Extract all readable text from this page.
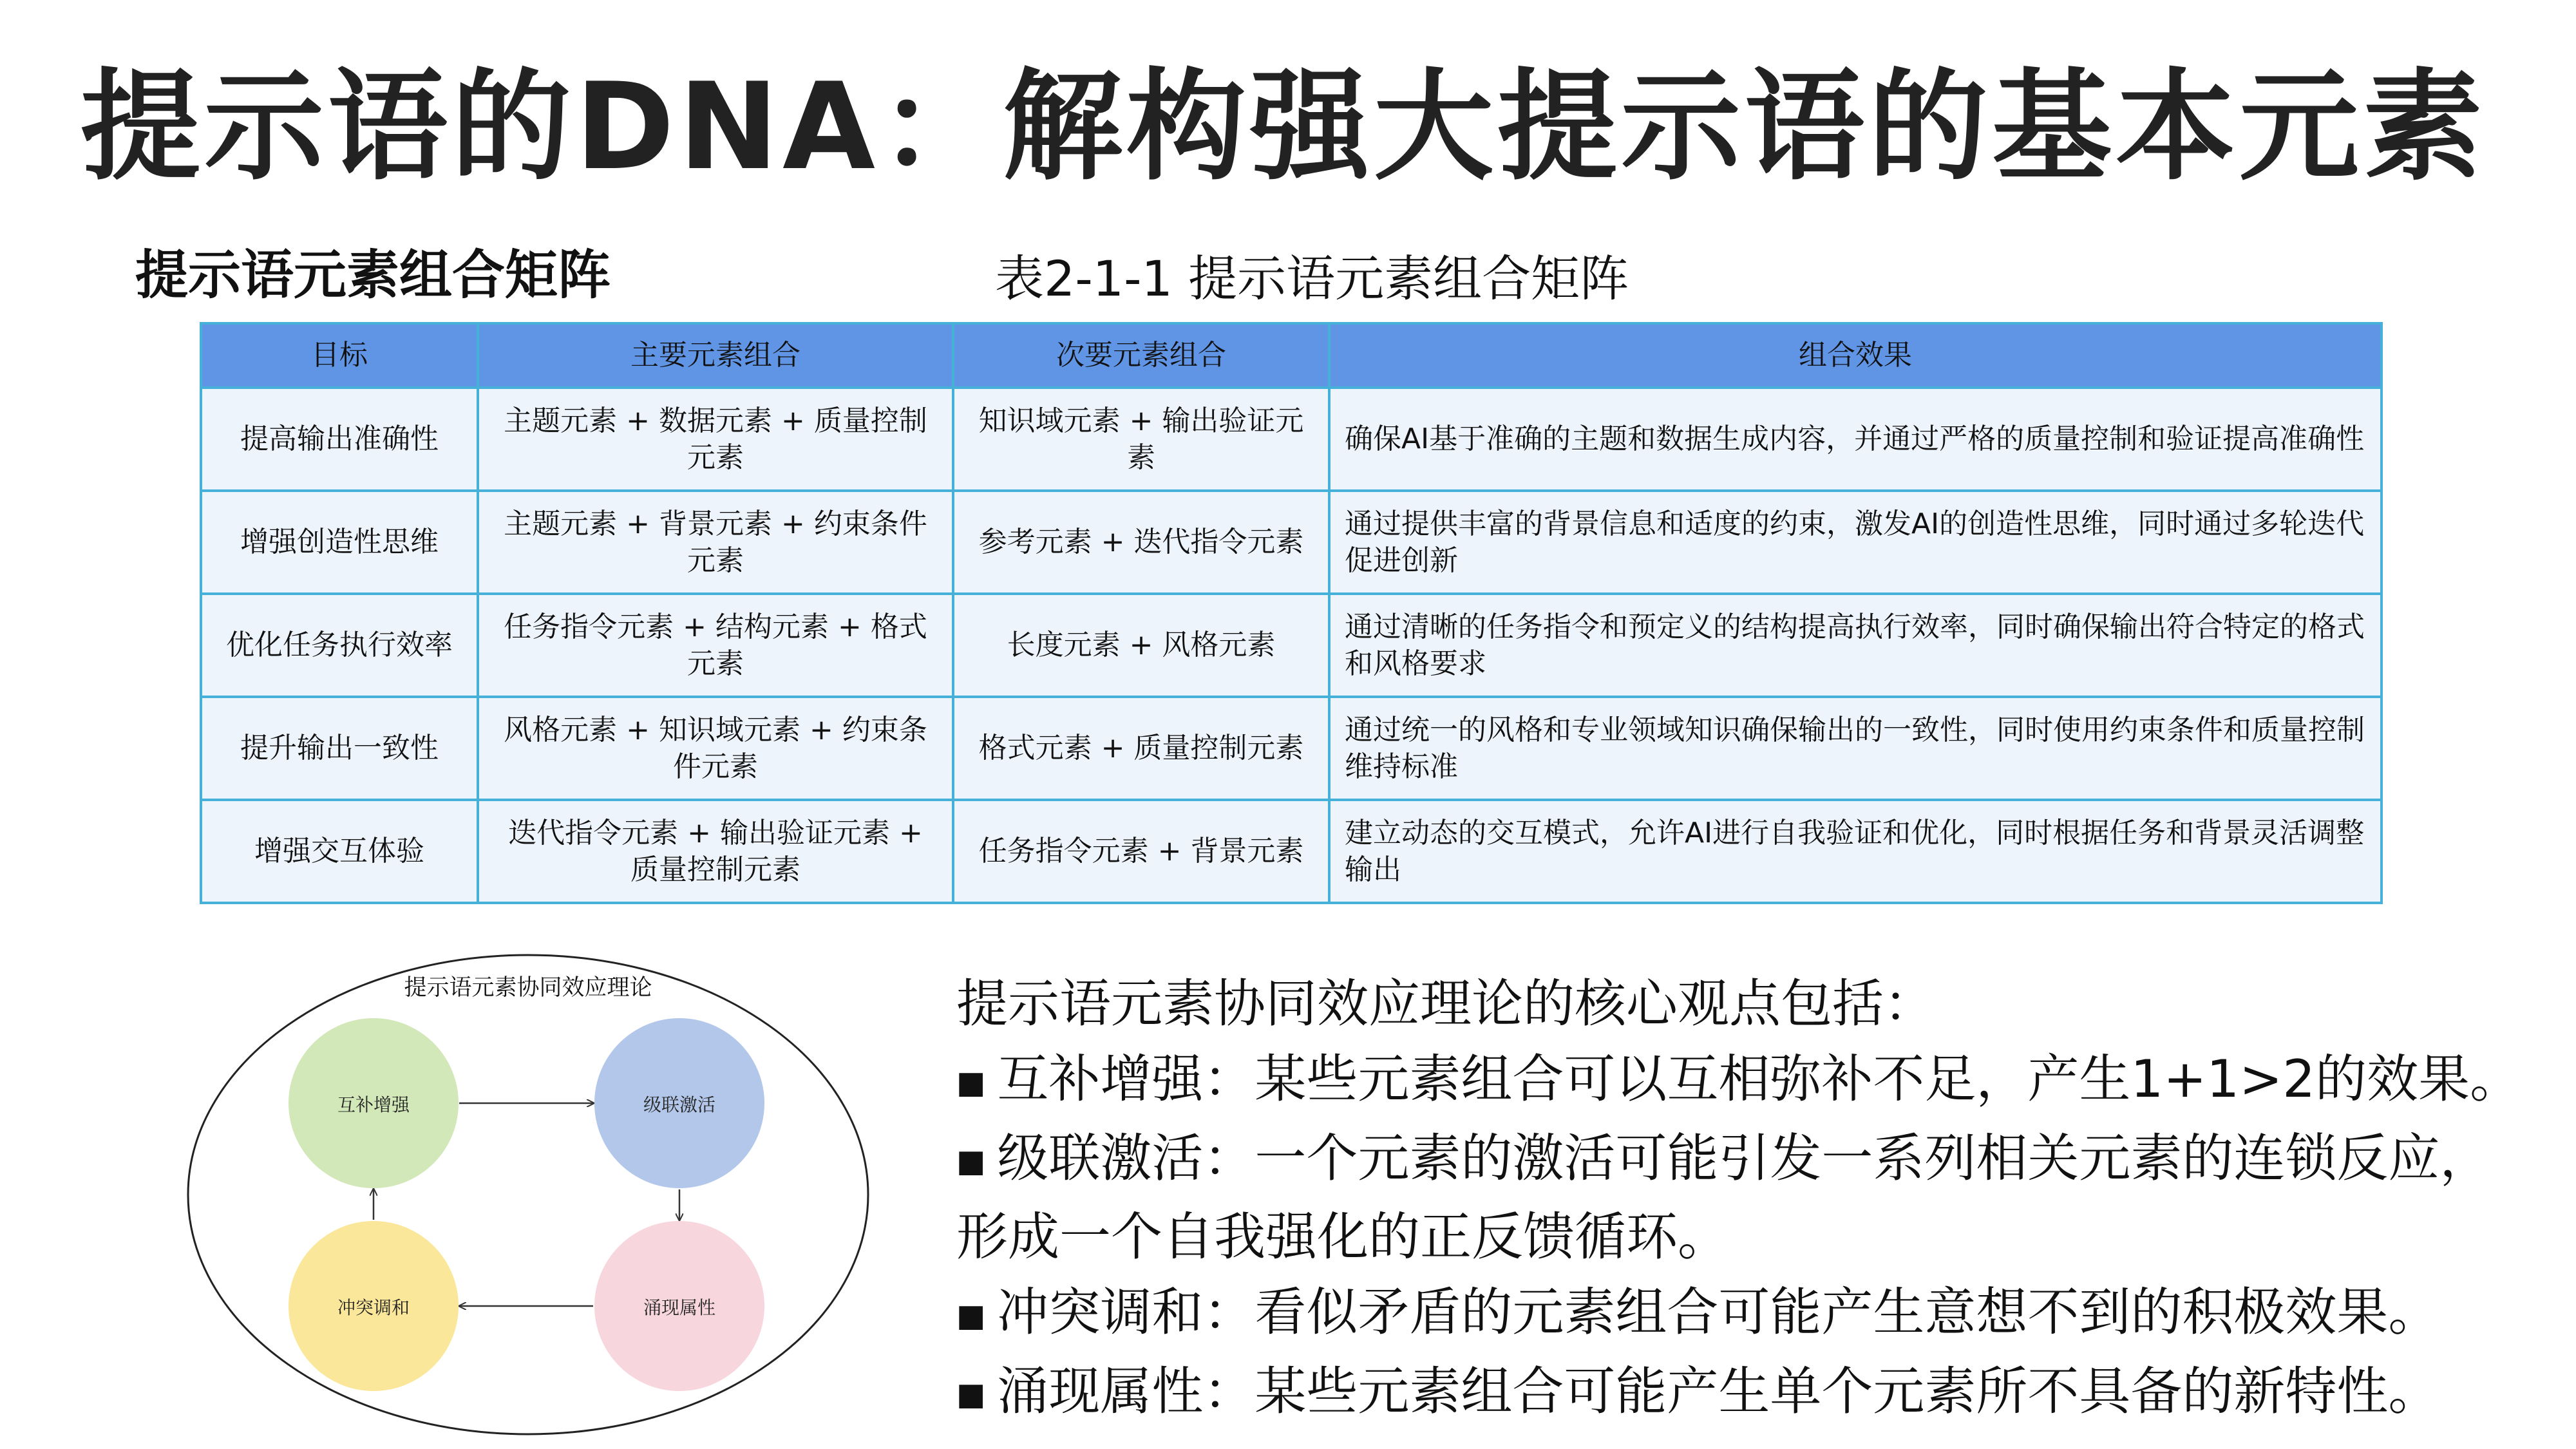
提示语的DNA：解构强大提示语的基本元素
提示语元素组合矩阵	表2-1-1 提示语元素组合矩阵
目标	主要元素组合	次要元素组合	组合效果
提高输出准确性	主题元素 + 数据元素 + 质量控制元素	知识域元素 + 输出验证元素	确保AI基于准确的主题和数据生成内容，并通过严格的质量控制和验证提高准确性
增强创造性思维	主题元素 + 背景元素 + 约束条件元素	参考元素 + 迭代指令元素	通过提供丰富的背景信息和适度的约束，激发AI的创造性思维，同时通过多轮迭代促进创新
优化任务执行效率	任务指令元素 + 结构元素 + 格式元素	长度元素 + 风格元素	通过清晰的任务指令和预定义的结构提高执行效率，同时确保输出符合特定的格式和风格要求
提升输出一致性	风格元素 + 知识域元素 + 约束条件元素	格式元素 + 质量控制元素	通过统一的风格和专业领域知识确保输出的一致性，同时使用约束条件和质量控制维持标准
增强交互体验	迭代指令元素 + 输出验证元素 + 质量控制元素	任务指令元素 + 背景元素	建立动态的交互模式，允许AI进行自我验证和优化，同时根据任务和背景灵活调整输出
提示语元素协同效应理论
互补增强	级联激活
涌现属性
冲突调和
提示语元素协同效应理论的核心观点包括：
■ 互补增强：某些元素组合可以互相弥补不足，产生1+1>2的效果。
■ 级联激活：一个元素的激活可能引发一系列相关元素的连锁反应，形成一个自我强化的正反馈循环。
■ 冲突调和：看似矛盾的元素组合可能产生意想不到的积极效果。
■ 涌现属性：某些元素组合可能产生单个元素所不具备的新特性。
